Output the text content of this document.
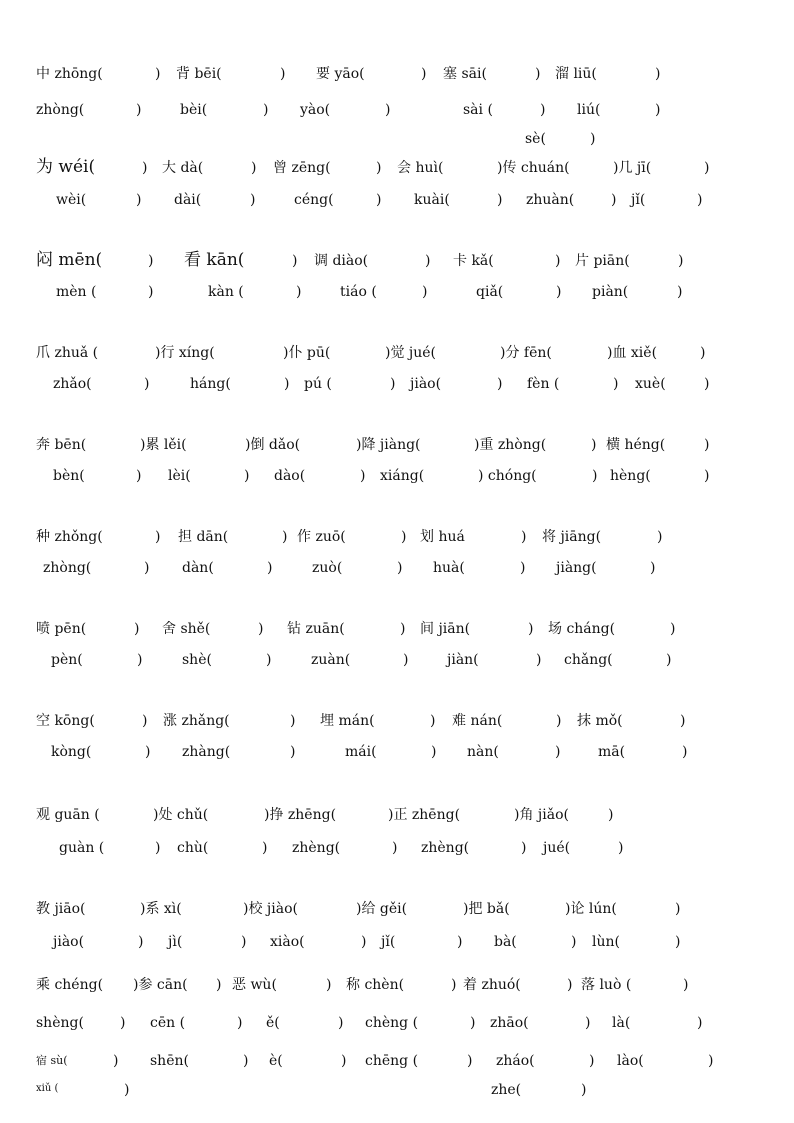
中 zhōng(	) 背 bēi(	) 要 yāo(	) 塞 sāi(	) 溜 liū(	)
zhòng(	)	bèi(	) yào(	)	sài (	) liú(	)
sè(	)
为 wéi(	) 大 dà(	) 曾 zēng(	) 会 huì(	)传 chuán(	)几 jī(	)
wèi(	) dài(	)	céng(	) kuài(	) zhuàn(	) jǐ(	)
闷 mēn(	) 看 kān(	) 调 diào(	) 卡 kǎ(	) 片 piān(	)
mèn (	)	kàn (	)	tiáo (	)	qiǎ(	) piàn(	)
爪 zhuǎ (	)行 xíng(	)仆 pū(	)觉 jué(	)分 fēn(	)血 xiě(	)
zhǎo(	)	háng(	) pú (	) jiào(	) fèn (	) xuè(	)
奔 bēn(	)累 lěi(	)倒 dǎo(	)降 jiàng(	)重 zhòng(	) 横 héng(	)
bèn(	) lèi(	) dào(	) xiáng(	) chóng(	) hèng(	)
种 zhǒng(	) 担 dān(	) 作 zuō(	) 划 huá	) 将 jiāng(	)
zhòng(	) dàn(	)	zuò(	) huà(	) jiàng(	)
喷 pēn(	) 舍 shě(	) 钻 zuān(	) 间 jiān(	) 场 cháng(	)
pèn(	)	shè(	)	zuàn(	)	jiàn(	) chǎng(	)
空 kōng(	) 涨 zhǎng(	) 埋 mán(	) 难 nán(	) 抹 mǒ(	)
kòng(	) zhàng(	)	mái(	) nàn(	)	mā(	)
观 guān (	)处 chǔ(	)挣 zhēng(	)正 zhēng(	)角 jiǎo(	)
guàn (	) chù(	) zhèng(	) zhèng(	) jué(	)
教 jiāo(	)系 xì(	)校 jiào(	)给 gěi(	)把 bǎ(	)论 lún(	)
jiào(	) jì(	) xiào(	) jǐ(	) bà(	) lùn(	)
乘 chéng( )参 cān( ) 恶 wù(	) 称 chèn(	) 着 zhuó(	) 落 luò (	)
shèng(	) cēn (	) ě(	) chèng (	) zhāo(	) là(	)
宿 sù(	) shēn(	) è(	) chēng (	) zháo(	) lào(	)
xiǔ (	)	zhe(	)
